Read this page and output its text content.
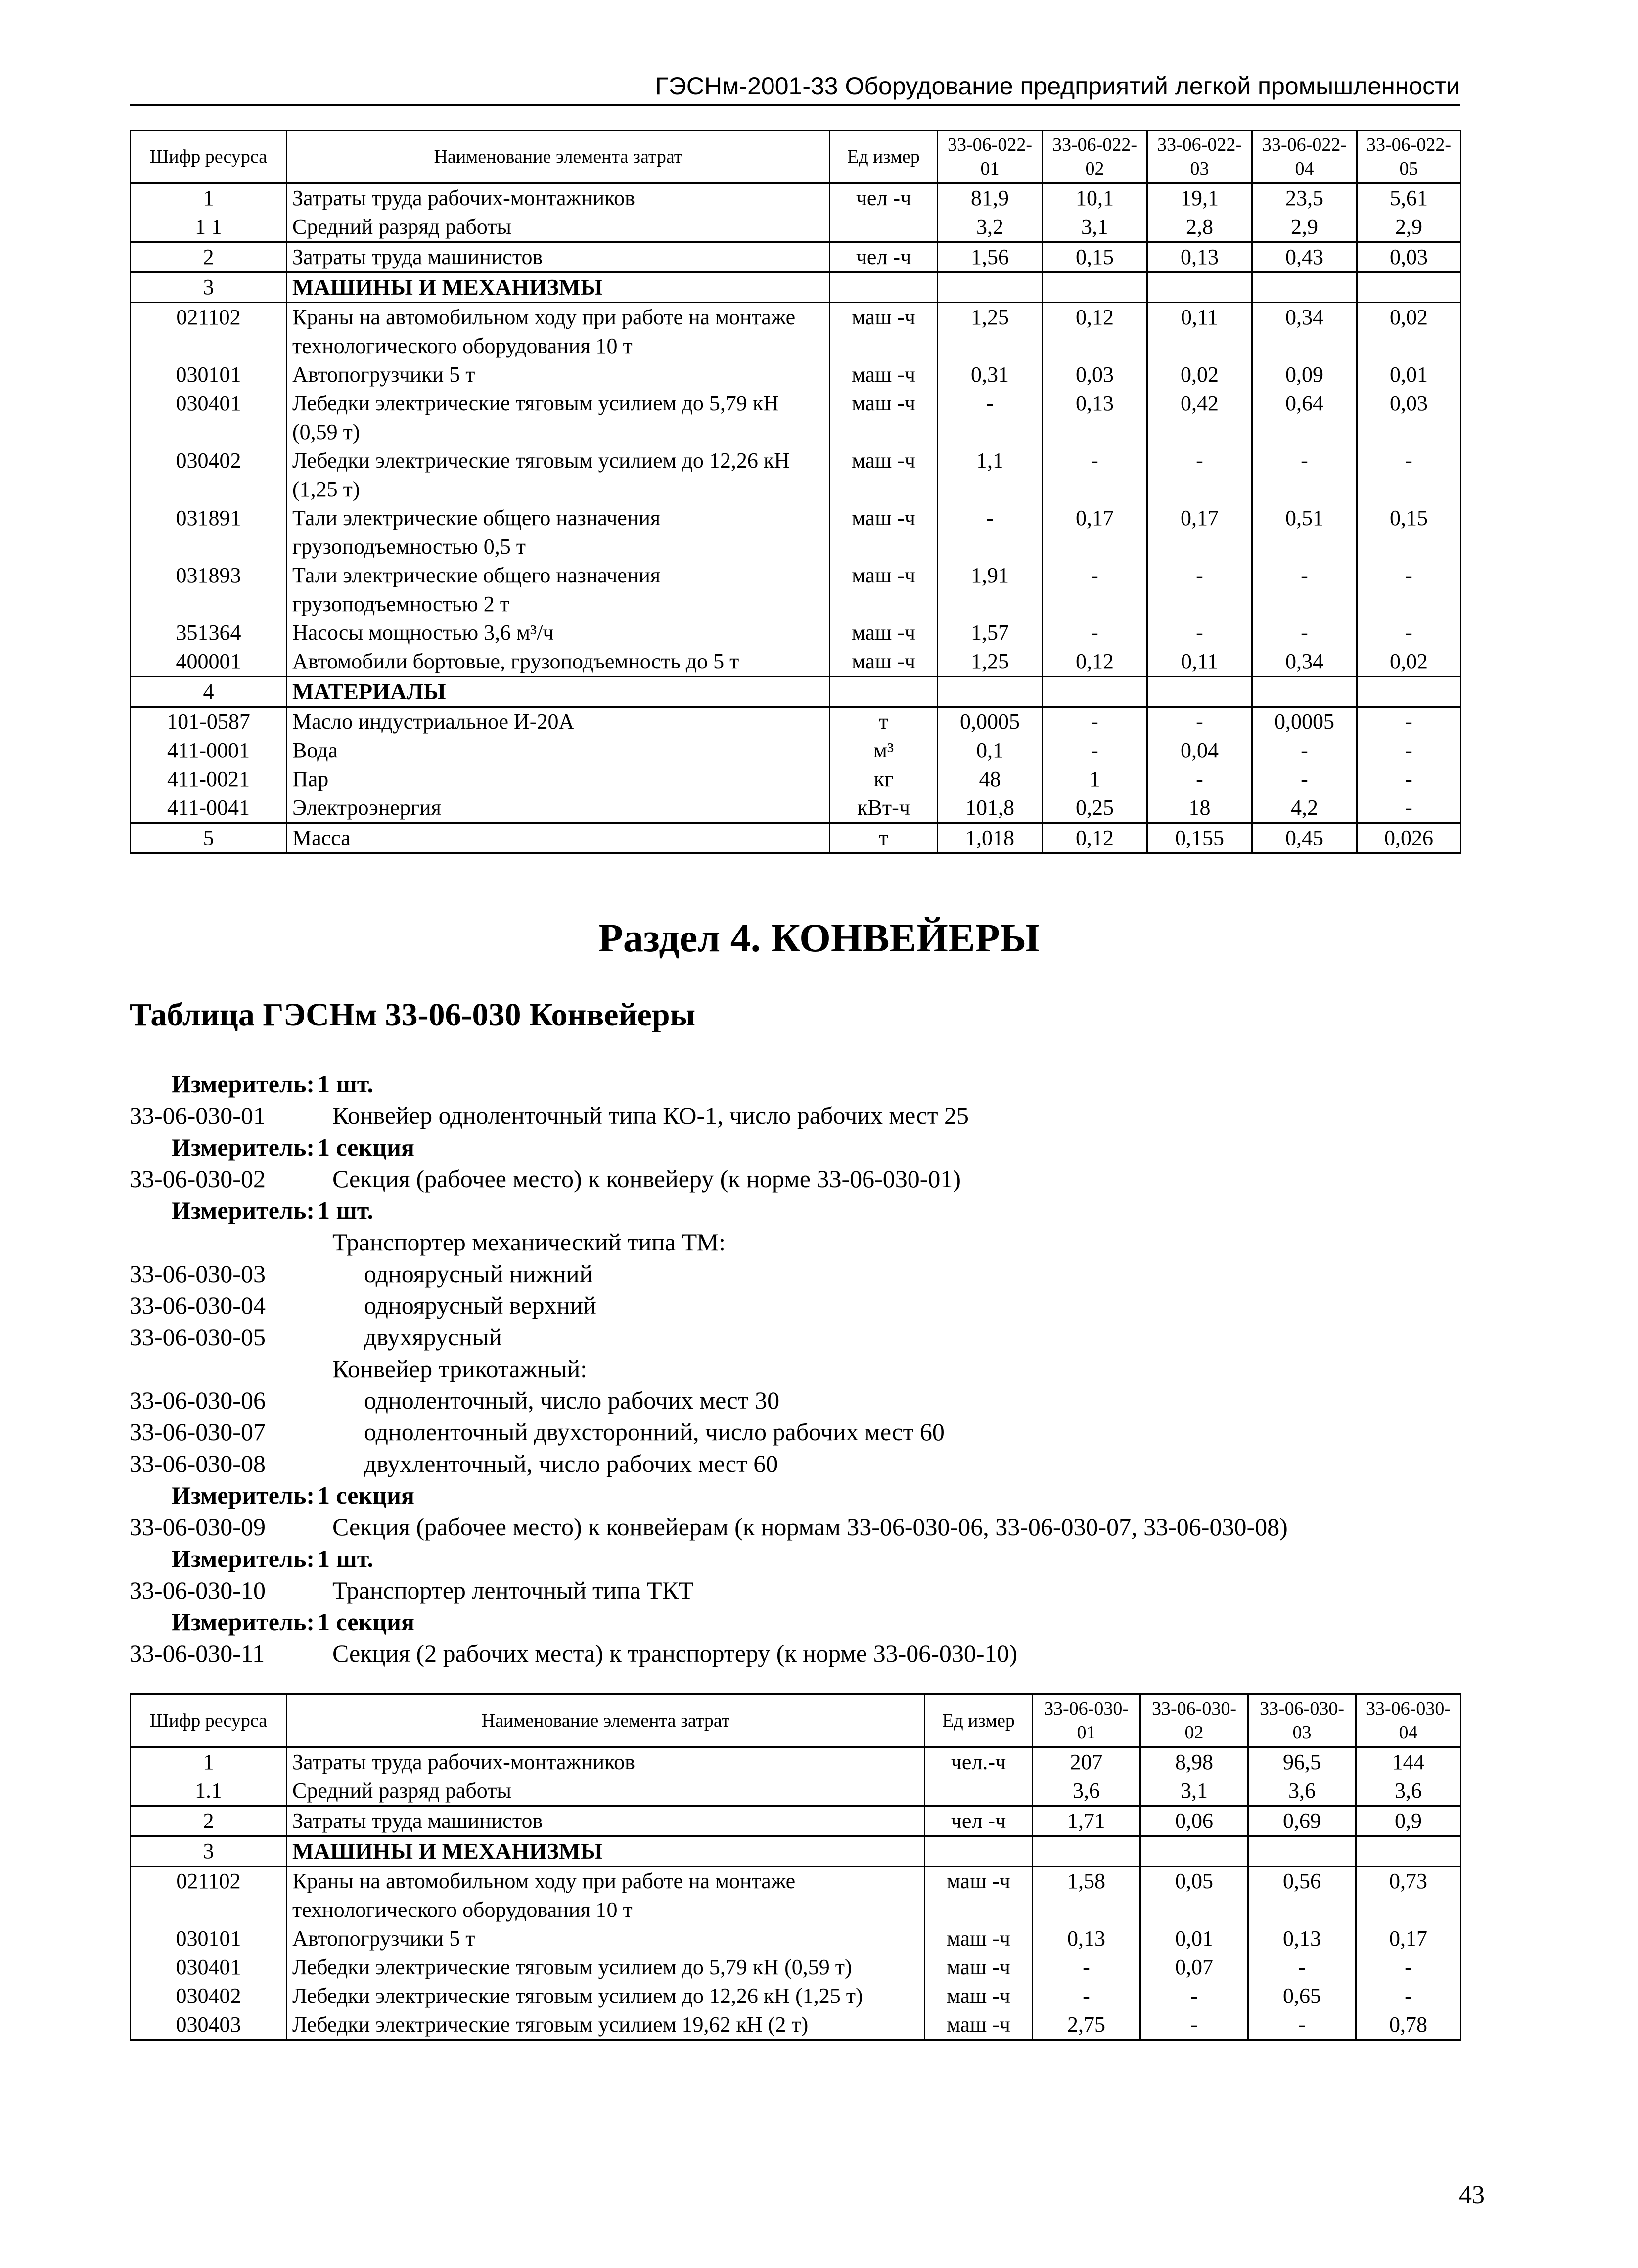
ГЭСНм-2001-33 Оборудование предприятий легкой промышленности
Шифр ресурса	Наименование элемента затрат	Ед измер	33-06-022-01	33-06-022-02	33-06-022-03	33-06-022-04	33-06-022-05
1	Затраты труда рабочих-монтажников	чел -ч	81,9	10,1	19,1	23,5	5,61
1 1	Средний разряд работы		3,2	3,1	2,8	2,9	2,9
2	Затраты труда машинистов	чел -ч	1,56	0,15	0,13	0,43	0,03
3	МАШИНЫ И МЕХАНИЗМЫ						
021102	Краны на автомобильном ходу при работе на монтаже технологического оборудования 10 т	маш -ч	1,25	0,12	0,11	0,34	0,02
030101	Автопогрузчики 5 т	маш -ч	0,31	0,03	0,02	0,09	0,01
030401	Лебедки электрические тяговым усилием до 5,79 кН (0,59 т)	маш -ч	-	0,13	0,42	0,64	0,03
030402	Лебедки электрические тяговым усилием до 12,26 кН (1,25 т)	маш -ч	1,1	-	-	-	-
031891	Тали электрические общего назначения грузоподъемностью 0,5 т	маш -ч	-	0,17	0,17	0,51	0,15
031893	Тали электрические общего назначения грузоподъемностью 2 т	маш -ч	1,91	-	-	-	-
351364	Насосы мощностью 3,6 м³/ч	маш -ч	1,57	-	-	-	-
400001	Автомобили бортовые, грузоподъемность до 5 т	маш -ч	1,25	0,12	0,11	0,34	0,02
4	МАТЕРИАЛЫ						
101-0587	Масло индустриальное И-20А	т	0,0005	-	-	0,0005	-
411-0001	Вода	м³	0,1	-	0,04	-	-
411-0021	Пар	кг	48	1	-	-	-
411-0041	Электроэнергия	кВт-ч	101,8	0,25	18	4,2	-
5	Масса	т	1,018	0,12	0,155	0,45	0,026
Раздел 4. КОНВЕЙЕРЫ
Таблица ГЭСНм 33-06-030 Конвейеры
Измеритель: 1 шт.
33-06-030-01	Конвейер одноленточный типа КО-1, число рабочих мест 25
Измеритель: 1 секция
33-06-030-02	Секция (рабочее место) к конвейеру (к норме 33-06-030-01)
Измеритель: 1 шт.
Транспортер механический типа ТМ:
33-06-030-03	одноярусный нижний
33-06-030-04	одноярусный верхний
33-06-030-05	двухярусный
Конвейер трикотажный:
33-06-030-06	одноленточный, число рабочих мест 30
33-06-030-07	одноленточный двухсторонний, число рабочих мест 60
33-06-030-08	двухленточный, число рабочих мест 60
Измеритель: 1 секция
33-06-030-09	Секция (рабочее место) к конвейерам (к нормам 33-06-030-06, 33-06-030-07, 33-06-030-08)
Измеритель: 1 шт.
33-06-030-10	Транспортер ленточный типа ТКТ
Измеритель: 1 секция
33-06-030-11	Секция (2 рабочих места) к транспортеру (к норме 33-06-030-10)
Шифр ресурса	Наименование элемента затрат	Ед измер	33-06-030-01	33-06-030-02	33-06-030-03	33-06-030-04
1	Затраты труда рабочих-монтажников	чел.-ч	207	8,98	96,5	144
1.1	Средний разряд работы		3,6	3,1	3,6	3,6
2	Затраты труда машинистов	чел -ч	1,71	0,06	0,69	0,9
3	МАШИНЫ И МЕХАНИЗМЫ					
021102	Краны на автомобильном ходу при работе на монтаже технологического оборудования 10 т	маш -ч	1,58	0,05	0,56	0,73
030101	Автопогрузчики 5 т	маш -ч	0,13	0,01	0,13	0,17
030401	Лебедки электрические тяговым усилием до 5,79 кН (0,59 т)	маш -ч	-	0,07	-	-
030402	Лебедки электрические тяговым усилием до 12,26 кН (1,25 т)	маш -ч	-	-	0,65	-
030403	Лебедки электрические тяговым усилием 19,62 кН (2 т)	маш -ч	2,75	-	-	0,78
43
